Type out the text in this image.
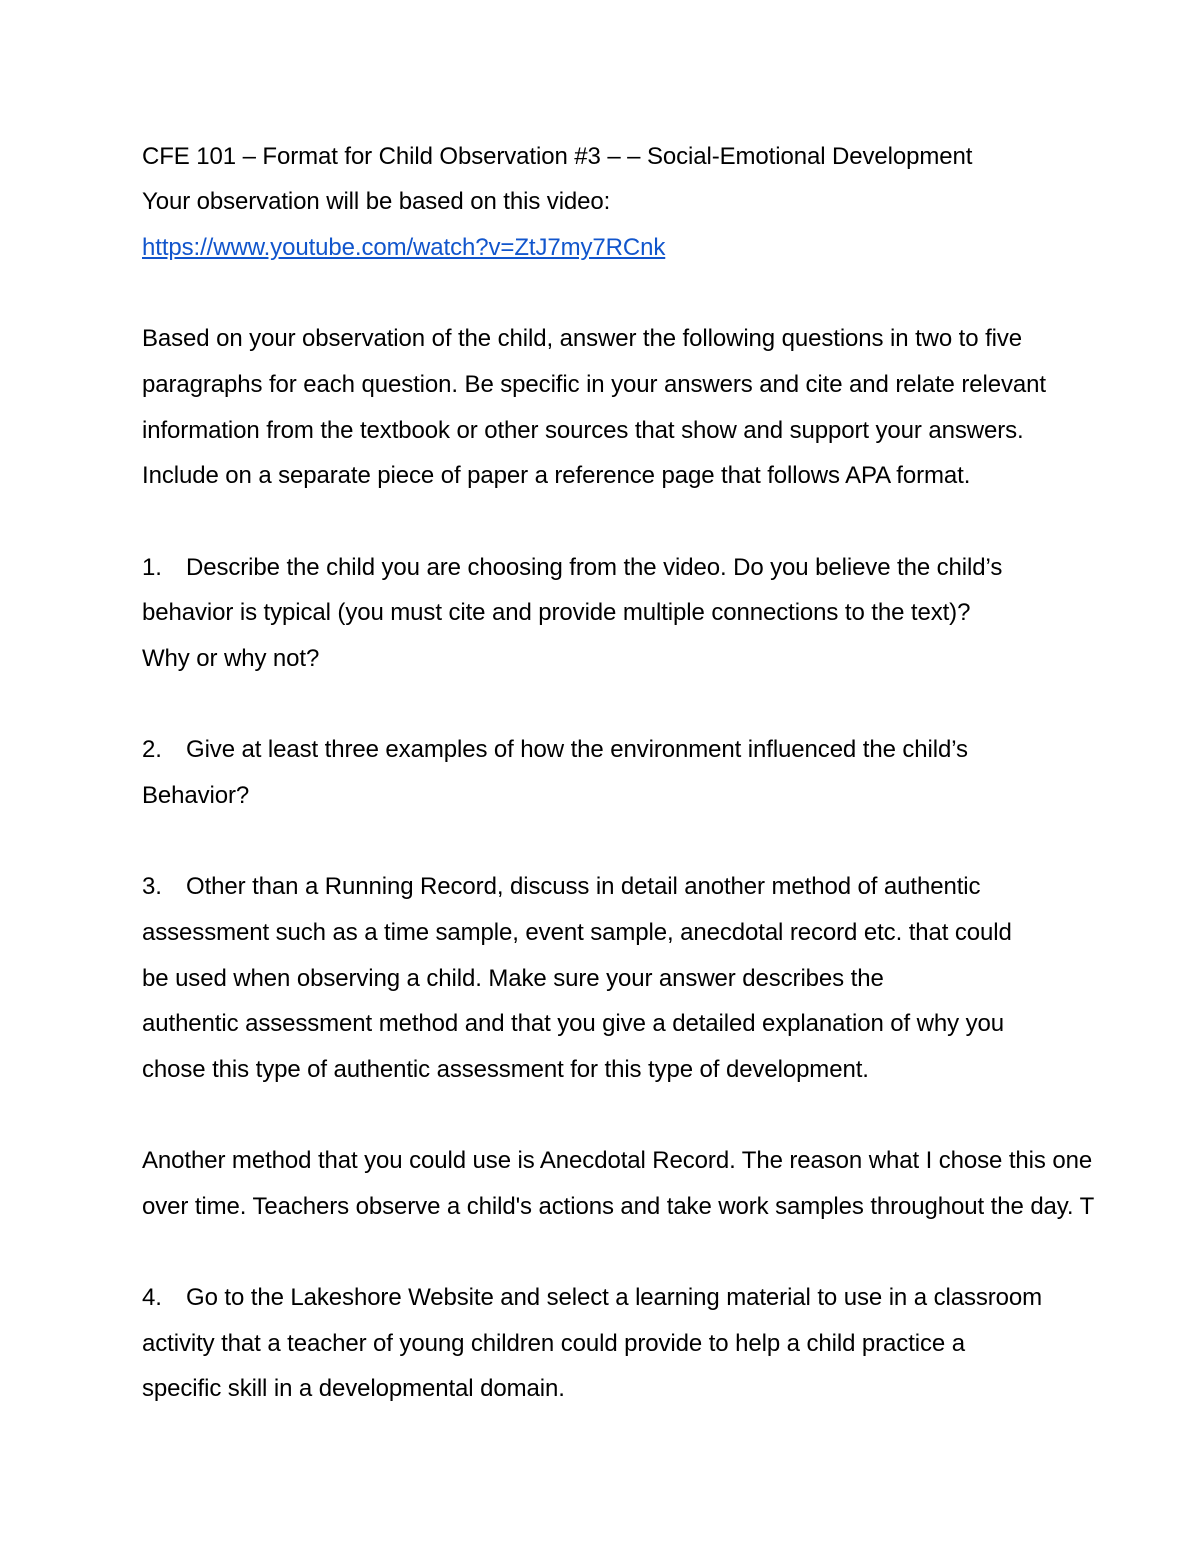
CFE 101 – Format for Child Observation #3 – – Social-Emotional Development
Your observation will be based on this video:
https://www.youtube.com/watch?v=ZtJ7my7RCnk
Based on your observation of the child, answer the following questions in two to five
paragraphs for each question. Be specific in your answers and cite and relate relevant
information from the textbook or other sources that show and support your answers.
Include on a separate piece of paper a reference page that follows APA format.
1. Describe the child you are choosing from the video. Do you believe the child’s
behavior is typical (you must cite and provide multiple connections to the text)?
Why or why not?
2. Give at least three examples of how the environment influenced the child’s
Behavior?
3. Other than a Running Record, discuss in detail another method of authentic
assessment such as a time sample, event sample, anecdotal record etc. that could
be used when observing a child. Make sure your answer describes the
authentic assessment method and that you give a detailed explanation of why you
chose this type of authentic assessment for this type of development.
Another method that you could use is Anecdotal Record. The reason what I chose this one
over time. Teachers observe a child's actions and take work samples throughout the day. T
4. Go to the Lakeshore Website and select a learning material to use in a classroom
activity that a teacher of young children could provide to help a child practice a
specific skill in a developmental domain.
